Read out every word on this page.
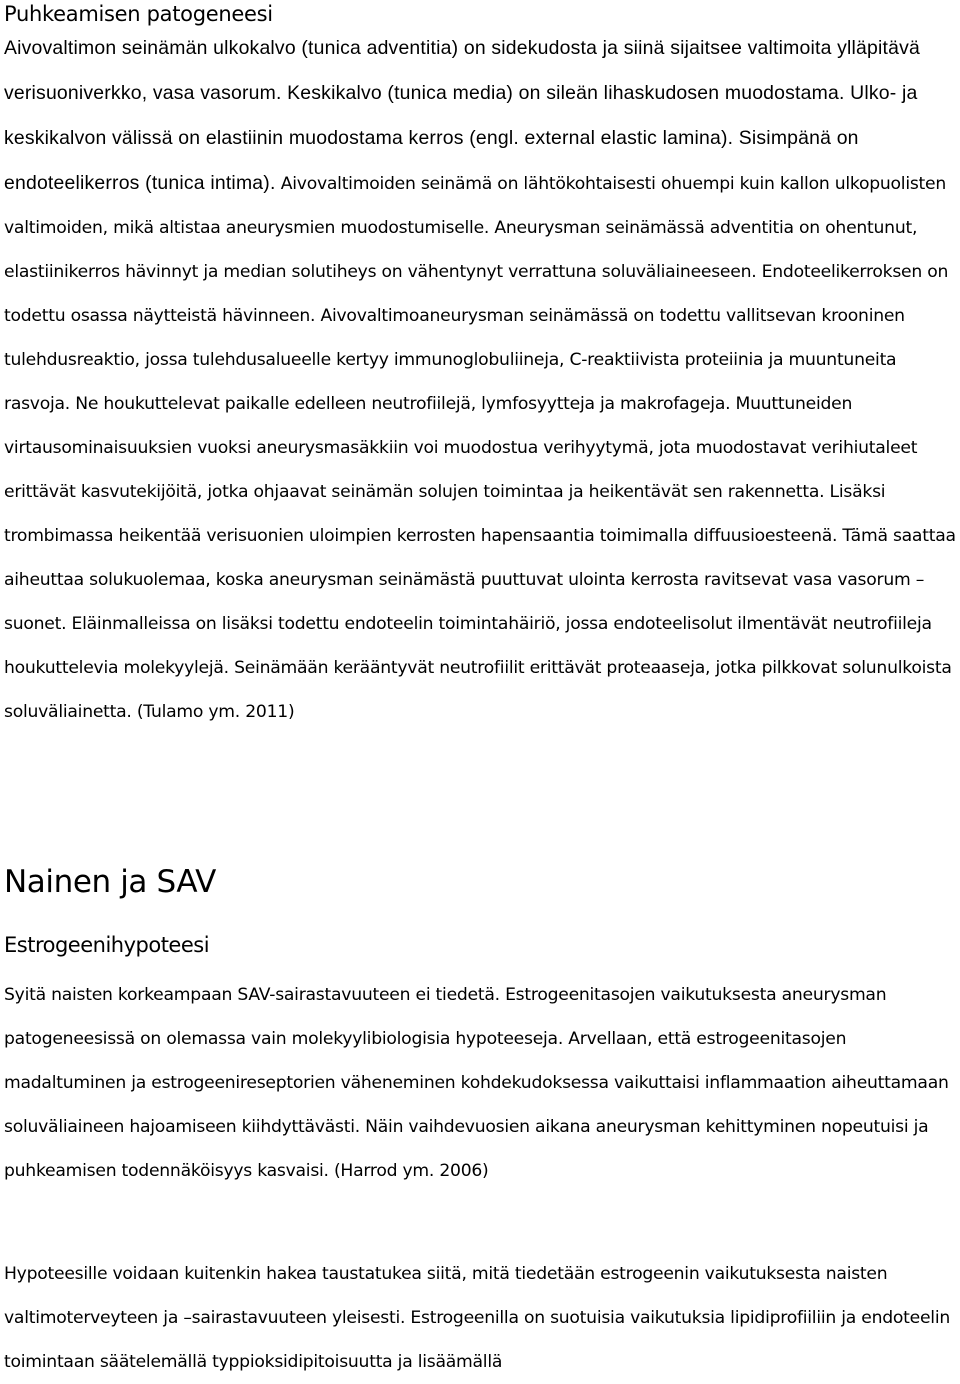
Puhkeamisen patogeneesi

Aivovaltimon seinämän ulkokalvo (tunica adventitia) on sidekudosta ja siinä sijaitsee valtimoita ylläpitävä verisuoniverkko, vasa vasorum. Keskikalvo (tunica media) on sileän lihaskudosen muodostama. Ulko- ja keskikalvon välissä on elastiinin muodostama kerros (engl. external elastic lamina). Sisimpänä on endoteelikerros (tunica intima). Aivovaltimoiden seinämä on lähtökohtaisesti ohuempi kuin kallon ulkopuolisten valtimoiden, mikä altistaa aneurysmien muodostumiselle. Aneurysman seinämässä adventitia on ohentunut, elastiinikerros hävinnyt ja median solutiheys on vähentynyt verrattuna soluväliaineeseen. Endoteelikerroksen on todettu osassa näytteistä hävinneen. Aivovaltimoaneurysman seinämässä on todettu vallitsevan krooninen tulehdusreaktio, jossa tulehdusalueelle kertyy immunoglobuliineja, C-reaktiivista proteiinia ja muuntuneita rasvoja. Ne houkuttelevat paikalle edelleen neutrofiilejä, lymfosyytteja ja makrofageja. Muuttuneiden virtausominaisuuksien vuoksi aneurysmasäkkiin voi muodostua verihyytymä, jota muodostavat verihiutaleet erittävät kasvutekijöitä, jotka ohjaavat seinämän solujen toimintaa ja heikentävät sen rakennetta. Lisäksi trombimassa heikentää verisuonien uloimpien kerrosten hapensaantia toimimalla diffuusioesteenä. Tämä saattaa aiheuttaa solukuolemaa, koska aneurysman seinämästä puuttuvat ulointa kerrosta ravitsevat vasa vasorum –suonet. Eläinmalleissa on lisäksi todettu endoteelin toimintahäiriö, jossa endoteelisolut ilmentävät neutrofiileja houkuttelevia molekyylejä. Seinämään kerääntyvät neutrofiilit erittävät proteaaseja, jotka pilkkovat solunulkoista soluväliainetta. (Tulamo ym. 2011)

Nainen ja SAV
Estrogeenihypoteesi

Syitä naisten korkeampaan SAV-sairastavuuteen ei tiedetä. Estrogeenitasojen vaikutuksesta aneurysman patogeneesissä on olemassa vain molekyylibiologisia hypoteeseja. Arvellaan, että estrogeenitasojen madaltuminen ja estrogeenireseptorien väheneminen kohdekudoksessa vaikuttaisi inflammaation aiheuttamaan soluväliaineen hajoamiseen kiihdyttävästi. Näin vaihdevuosien aikana aneurysman kehittyminen nopeutuisi ja puhkeamisen todennäköisyys kasvaisi. (Harrod ym. 2006)

Hypoteesille voidaan kuitenkin hakea taustatukea siitä, mitä tiedetään estrogeenin vaikutuksesta naisten valtimoterveyteen ja –sairastavuuteen yleisesti. Estrogeenilla on suotuisia vaikutuksia lipidiprofiiliin ja endoteelin toimintaan säätelemällä typpioksidipitoisuutta ja lisäämällä
